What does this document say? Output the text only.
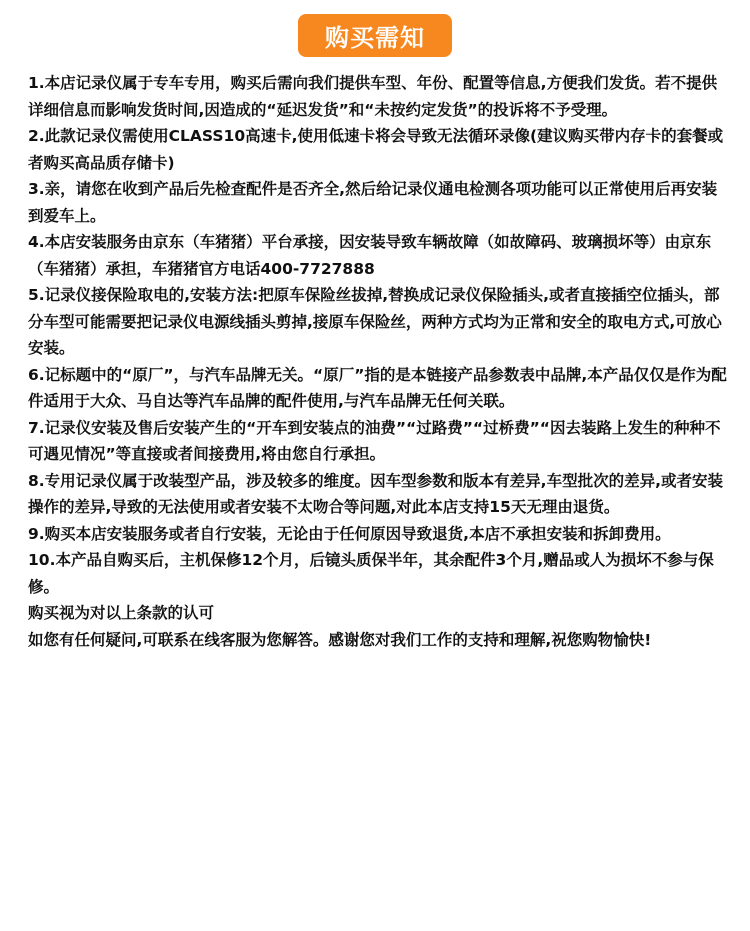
购买需知

1.本店记录仪属于专车专用，购买后需向我们提供车型、年份、配置等信息,方便我们发货。若不提供详细信息而影响发货时间,因造成的“延迟发货”和“未按约定发货”的投诉将不予受理。

2.此款记录仪需使用CLASS10高速卡,使用低速卡将会导致无法循环录像(建议购买带内存卡的套餐或者购买高品质存储卡)

3.亲，请您在收到产品后先检查配件是否齐全,然后给记录仪通电检测各项功能可以正常使用后再安装到爱车上。

4.本店安装服务由京东（车猪猪）平台承接，因安装导致车辆故障（如故障码、玻璃损坏等）由京东（车猪猪）承担，车猪猪官方电话400-7727888

5.记录仪接保险取电的,安装方法:把原车保险丝拔掉,替换成记录仪保险插头,或者直接插空位插头，部分车型可能需要把记录仪电源线插头剪掉,接原车保险丝，两种方式均为正常和安全的取电方式,可放心安装。

6.记标题中的“原厂”，与汽车品牌无关。“原厂”指的是本链接产品参数表中品牌,本产品仅仅是作为配件适用于大众、马自达等汽车品牌的配件使用,与汽车品牌无任何关联。

7.记录仪安装及售后安装产生的“开车到安装点的油费”“过路费”“过桥费”“因去装路上发生的种种不可遇见情况”等直接或者间接费用,将由您自行承担。

8.专用记录仪属于改装型产品，涉及较多的维度。因车型参数和版本有差异,车型批次的差异,或者安装操作的差异,导致的无法使用或者安装不太吻合等问题,对此本店支持15天无理由退货。

9.购买本店安装服务或者自行安装，无论由于任何原因导致退货,本店不承担安装和拆卸费用。

10.本产品自购买后，主机保修12个月，后镜头质保半年，其余配件3个月,赠品或人为损坏不参与保修。

购买视为对以上条款的认可

如您有任何疑问,可联系在线客服为您解答。感谢您对我们工作的支持和理解,祝您购物愉快!
